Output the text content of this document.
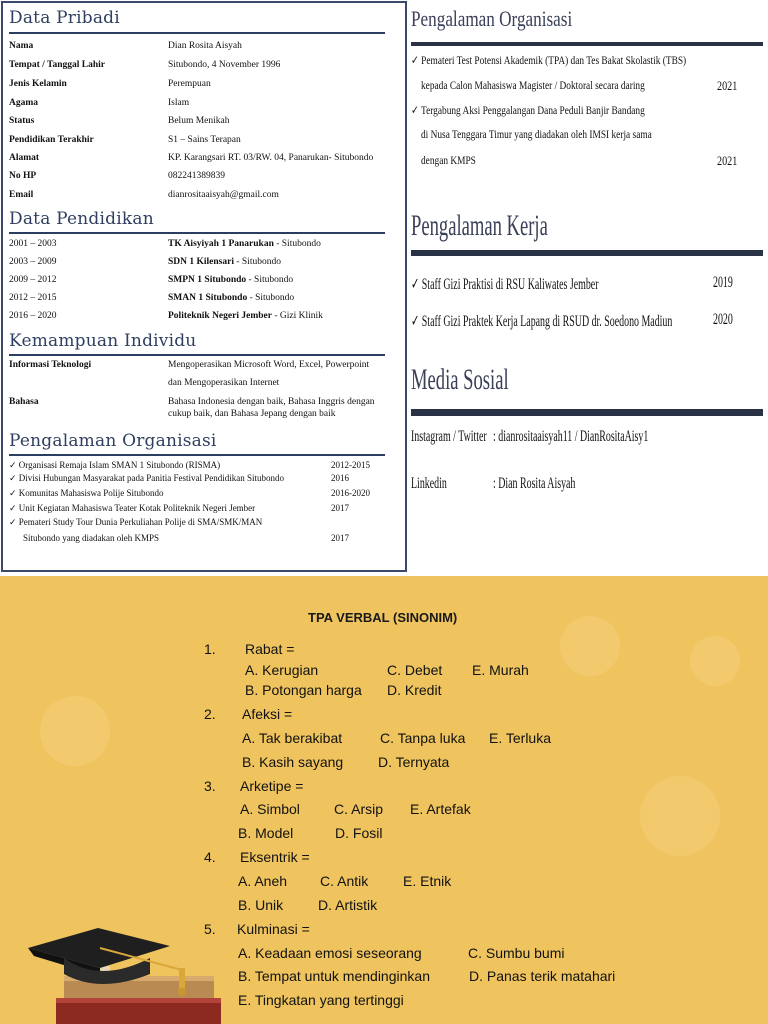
Data Pribadi
Nama	Dian Rosita Aisyah
Tempat / Tanggal Lahir	Situbondo, 4 November 1996
Jenis Kelamin	Perempuan
Agama	Islam
Status	Belum Menikah
Pendidikan Terakhir	S1 – Sains Terapan
Alamat	KP. Karangsari RT. 03/RW. 04, Panarukan- Situbondo
No HP	082241389839
Email	dianrositaaisyah@gmail.com
Data Pendidikan
2001 – 2003	TK Aisyiyah 1 Panarukan - Situbondo
2003 – 2009	SDN 1 Kilensari - Situbondo
2009 – 2012	SMPN 1 Situbondo - Situbondo
2012 – 2015	SMAN 1 Situbondo - Situbondo
2016 – 2020	Politeknik Negeri Jember - Gizi Klinik
Kemampuan Individu
Informasi Teknologi	Mengoperasikan Microsoft Word, Excel, Powerpoint
dan Mengoperasikan Internet
Bahasa	Bahasa Indonesia dengan baik, Bahasa Inggris dengan
cukup baik, dan Bahasa Jepang dengan baik
Pengalaman Organisasi
✓ Organisasi Remaja Islam SMAN 1 Situbondo (RISMA)	2012-2015
✓ Divisi Hubungan Masyarakat pada Panitia Festival Pendidikan Situbondo	2016
✓ Komunitas Mahasiswa Polije Situbondo	2016-2020
✓ Unit Kegiatan Mahasiswa Teater Kotak Politeknik Negeri Jember	2017
✓ Pemateri Study Tour Dunia Perkuliahan Polije di SMA/SMK/MAN
Situbondo yang diadakan oleh KMPS	2017
Pengalaman Organisasi
✓ Pemateri Test Potensi Akademik (TPA) dan Tes Bakat Skolastik (TBS)
kepada Calon Mahasiswa Magister / Doktoral secara daring	2021
✓ Tergabung Aksi Penggalangan Dana Peduli Banjir Bandang
di Nusa Tenggara Timur yang diadakan oleh IMSI kerja sama
dengan KMPS	2021
Pengalaman Kerja
✓ Staff Gizi Praktisi di RSU Kaliwates Jember	2019
✓ Staff Gizi Praktek Kerja Lapang di RSUD dr. Soedono Madiun	2020
Media Sosial
Instagram / Twitter : dianrositaaisyah11 / DianRositaAisy1
Linkedin	: Dian Rosita Aisyah
TPA VERBAL (SINONIM)
1. Rabat =
A. Kerugian	C. Debet E. Murah
B. Potongan harga D. Kredit
2. Afeksi =
A. Tak berakibat	C. Tanpa luka E. Terluka
B. Kasih sayang D. Ternyata
3. Arketipe =
A. Simbol C. Arsip E. Artefak
B. Model	D. Fosil
4. Eksentrik =
A. Aneh C. Antik E. Etnik
B. Unik D. Artistik
5. Kulminasi =
A. Keadaan emosi seseorang	C. Sumbu bumi
B. Tempat untuk mendinginkan	D. Panas terik matahari
E. Tingkatan yang tertinggi
